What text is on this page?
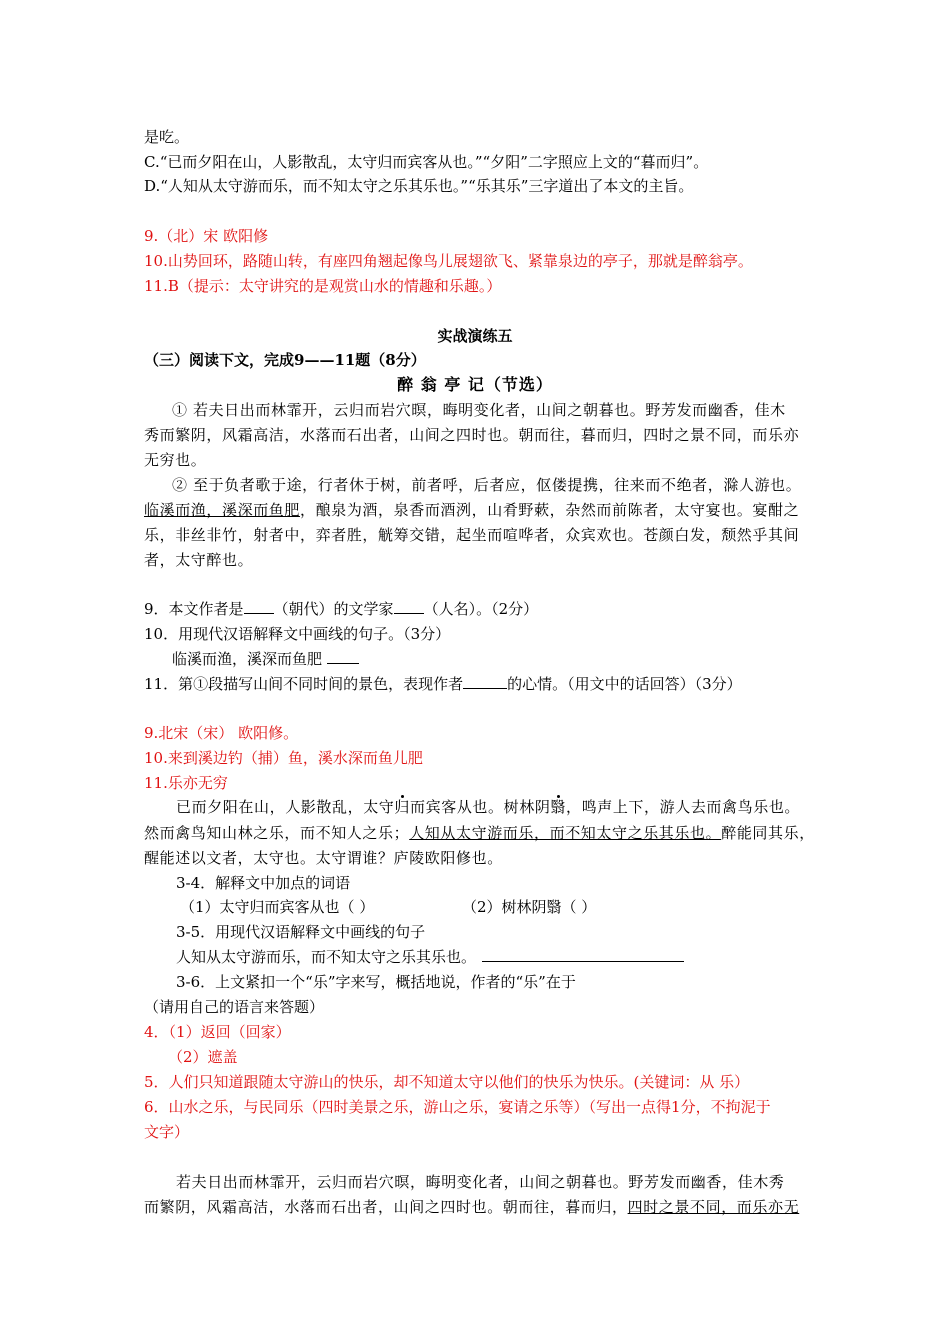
是吃。
C.“已而夕阳在山，人影散乱，太守归而宾客从也。”“夕阳”二字照应上文的“暮而归”。
D.“人知从太守游而乐，而不知太守之乐其乐也。”“乐其乐”三字道出了本文的主旨。
9.（北）宋 欧阳修
10.山势回环，路随山转，有座四角翘起像鸟儿展翅欲飞、紧靠泉边的亭子，那就是醉翁亭。
11.B（提示：太守讲究的是观赏山水的情趣和乐趣。）
实战演练五
（三）阅读下文，完成9——11题（8分）
醉 翁 亭 记（节选）
① 若夫日出而林霏开，云归而岩穴暝，晦明变化者，山间之朝暮也。野芳发而幽香，佳木
秀而繁阴，风霜高洁，水落而石出者，山间之四时也。朝而往，暮而归，四时之景不同，而乐亦
无穷也。
② 至于负者歌于途，行者休于树，前者呼，后者应，伛偻提携，往来而不绝者，滁人游也。
临溪而渔，溪深而鱼肥，酿泉为酒，泉香而酒洌，山肴野蔌，杂然而前陈者，太守宴也。宴酣之
乐，非丝非竹，射者中，弈者胜，觥筹交错，起坐而喧哗者，众宾欢也。苍颜白发，颓然乎其间
者，太守醉也。
9．本文作者是 （朝代）的文学家 （人名）。（2分）
10．用现代汉语解释文中画线的句子。（3分）
临溪而渔，溪深而鱼肥
11．第①段描写山间不同时间的景色，表现作者	的心情。（用文中的话回答）（3分）
9.北宋（宋） 欧阳修。
10.来到溪边钓（捕）鱼，溪水深而鱼儿肥
11.乐亦无穷
已而夕阳在山，人影散乱，太守归而宾客从也。树林阴翳，鸣声上下，游人去而禽鸟乐也。
然而禽鸟知山林之乐，而不知人之乐；人知从太守游而乐，而不知太守之乐其乐也。醉能同其乐，
醒能述以文者，太守也。太守谓谁？庐陵欧阳修也。
3-4．解释文中加点的词语
（1）太守归而宾客从也（ ）	（2）树林阴翳（ ）
3-5．用现代汉语解释文中画线的句子
人知从太守游而乐，而不知太守之乐其乐也。
3-6．上文紧扣一个“乐”字来写，概括地说，作者的“乐”在于
（请用自己的语言来答题）
4．（1）返回（回家）
（2）遮盖
5．人们只知道跟随太守游山的快乐，却不知道太守以他们的快乐为快乐。(关键词：从 乐）
6．山水之乐，与民同乐（四时美景之乐，游山之乐，宴请之乐等）（写出一点得1分，不拘泥于
文字）
若夫日出而林霏开，云归而岩穴暝，晦明变化者，山间之朝暮也。野芳发而幽香，佳木秀
而繁阴，风霜高洁，水落而石出者，山间之四时也。朝而往，暮而归，四时之景不同，而乐亦无
